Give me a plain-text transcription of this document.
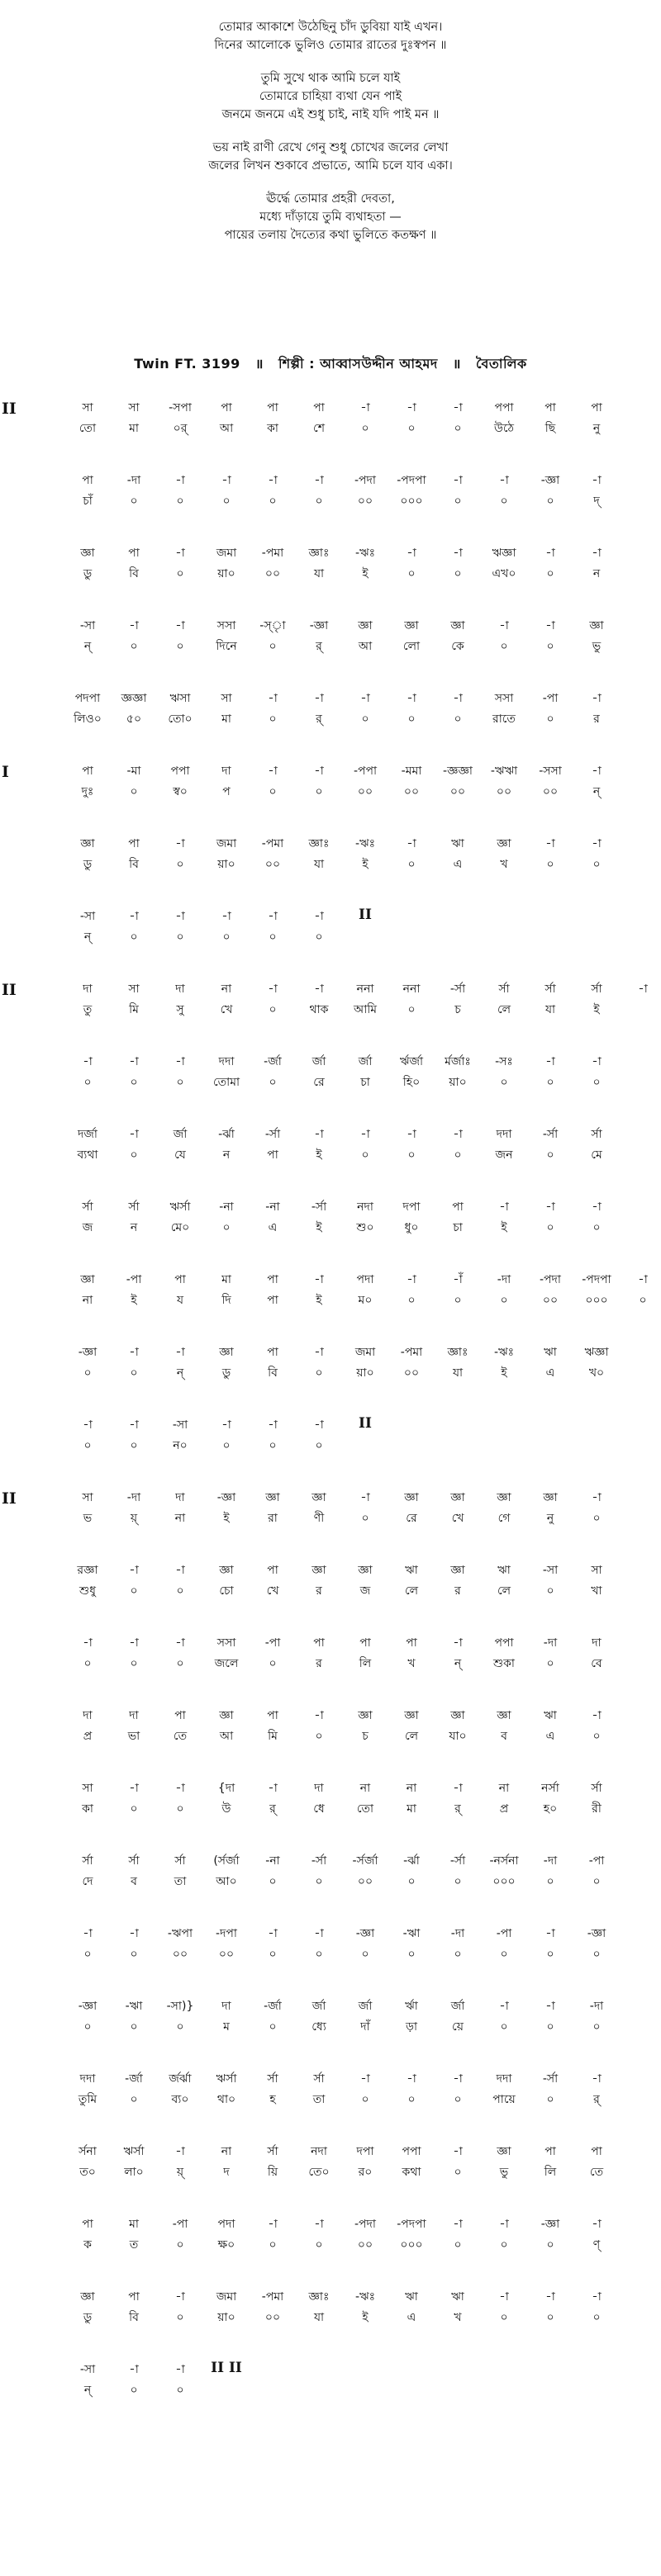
তোমার আকাশে উঠেছিনু চাঁদ ডুবিয়া যাই এখন।
দিনের আলোকে ভুলিও তোমার রাতের দুঃস্বপন ॥
তুমি সুখে থাক আমি চলে যাই
তোমারে চাহিয়া ব্যথা যেন পাই
জনমে জনমে এই শুধু চাই, নাই যদি পাই মন ॥
ভয় নাই রাণী রেখে গেনু শুধু চোখের জলের লেখা
জলের লিখন শুকাবে প্রভাতে, আমি চলে যাব একা।
ঊর্দ্ধে তোমার প্রহরী দেবতা,
মধ্যে দাঁড়ায়ে তুমি ব্যথাহতা —
পায়ের তলায় দৈত্যের কথা ভুলিতে কতক্ষণ ॥
Twin FT. 3199 ॥ শিল্পী : আব্বাসউদ্দীন আহমদ ॥ বৈতালিক
II	সা	সা	-সপা	পা	পা	পা	-া	-া	-া	পপা	পা	পা
তো	মা	০র্	আ	কা	শে	০	০	০	উঠে	ছি	নু
পা	-দা	-া	-া	-া	-া	-পদা	-পদপা	-া	-া	-জ্ঞা	-া
চাঁ	০	০	০	০	০	০০	০০০	০	০	০	দ্
জ্ঞা	পা	-া	জমা	-পমা	জ্ঞাঃ	-ঋঃ	-া	-া	ঋজ্ঞা	-া	-া
ডু	বি	০	য়া০	০০	যা	ই	০	০	এখ০	০	ন
-সা	-া	-া	সসা	-স্ৃা	-জ্ঞা	জ্ঞা	জ্ঞা	জ্ঞা	-া	-া	জ্ঞা
ন্	০	০	দিনে	০	র্	আ	লো	কে	০	০	ভু
পদপা	জ্ঞজ্ঞা	ঋসা	সা	-া	-া	-া	-া	-া	সসা	-পা	-া
লিও০	৫০	তো০	মা	০	র্	০	০	০	রাতে	০	র
I	পা	-মা	পপা	দা	-া	-া	-পপা	-মমা	-জ্ঞজ্ঞা	-ঋঋা	-সসা	-া
দুঃ	০	স্ব০	প	০	০	০০	০০	০০	০০	০০	ন্
জ্ঞা	পা	-া	জমা	-পমা	জ্ঞাঃ	-ঋঃ	-া	ঋা	জ্ঞা	-া	-া
ডু	বি	০	য়া০	০০	যা	ই	০	এ	খ	০	০
-সা	-া	-া	-া	-া	-া	II
ন্	০	০	০	০	০
II	দা	সা	দা	না	-া	-া	ননা	ননা	-র্সা	র্সা	র্সা	র্সা	-া
তু	মি	সু	খে	০	থাক	আমি	০	চ	লে	যা	ই
-া	-া	-া	দদা	-র্জা	র্জা	র্জা	র্ঋর্জা	র্মর্জাঃ	-সঃ	-া	-া
০	০	০	তোমা	০	রে	চা	হি০	য়া০	০	০	০
দর্জা	-া	র্জা	-র্ঝা	-র্সা	-া	-া	-া	-া	দদা	-র্সা	র্সা
ব্যথা	০	যে	ন	পা	ই	০	০	০	জন	০	মে
র্সা	র্সা	ঋর্সা	-না	-না	-র্সা	নদা	দপা	পা	-া	-া	-া
জ	ন	মে০	০	এ	ই	শু০	ধু০	চা	ই	০	০
জ্ঞা	-পা	পা	মা	পা	-া	পদা	-া	-াঁ	-দা	-পদা	-পদপা	-া
না	ই	য	দি	পা	ই	ম০	০	০	০	০০	০০০	০
-জ্ঞা	-া	-া	জ্ঞা	পা	-া	জমা	-পমা	জ্ঞাঃ	-ঋঃ	ঋা	ঋজ্ঞা
০	০	ন্	ডু	বি	০	য়া০	০০	যা	ই	এ	খ০
-া	-া	-সা	-া	-া	-া	II
০	০	ন০	০	০	০
II	সা	-দা	দা	-জ্ঞা	জ্ঞা	জ্ঞা	-া	জ্ঞা	জ্ঞা	জ্ঞা	জ্ঞা	-া
ভ	য়্	না	ই	রা	ণী	০	রে	খে	গে	নু	০
রজ্ঞা	-া	-া	জ্ঞা	পা	জ্ঞা	জ্ঞা	ঋা	জ্ঞা	ঋা	-সা	সা
শুধু	০	০	চো	খে	র	জ	লে	র	লে	০	খা
-া	-া	-া	সসা	-পা	পা	পা	পা	-া	পপা	-দা	দা
০	০	০	জলে	০	র	লি	খ	ন্	শুকা	০	বে
দা	দা	পা	জ্ঞা	পা	-া	জ্ঞা	জ্ঞা	জ্ঞা	জ্ঞা	ঋা	-া
প্র	ভা	তে	আ	মি	০	চ	লে	যা০	ব	এ	০
সা	-া	-া	{দা	-া	দা	না	না	-া	না	নর্সা	র্সা
কা	০	০	উ	র্	ধে	তো	মা	র্	প্র	হ০	রী
র্সা	র্সা	র্সা	(র্সর্জা	-না	-র্সা	-র্সর্জা	-র্ঝা	-র্সা	-নর্সনা	-দা	-পা
দে	ব	তা	আ০	০	০	০০	০	০	০০০	০	০
-া	-া	-ঋপা	-দপা	-া	-া	-জ্ঞা	-ঋা	-দা	-পা	-া	-জ্ঞা
০	০	০০	০০	০	০	০	০	০	০	০	০
-জ্ঞা	-ঋা	-সা)}	দা	-র্জা	র্জা	র্জা	র্ঋা	র্জা	-া	-া	-দা
০	০	০	ম	০	ধ্যে	দাঁ	ড়া	য়ে	০	০	০
দদা	-র্জা	র্জর্ঝা	ঋর্সা	র্সা	র্সা	-া	-া	-া	দদা	-র্সা	-া
তুমি	০	ব্য০	থা০	হ	তা	০	০	০	পায়ে	০	র্
র্সনা	ঋর্সা	-া	না	র্সা	নদা	দপা	পপা	-া	জ্ঞা	পা	পা
ত০	লা০	য়্	দ	য়ি	তে০	র০	কথা	০	ভু	লি	তে
পা	মা	-পা	পদা	-া	-া	-পদা	-পদপা	-া	-া	-জ্ঞা	-া
ক	ত	০	ক্ষ০	০	০	০০	০০০	০	০	০	ণ্
জ্ঞা	পা	-া	জমা	-পমা	জ্ঞাঃ	-ঋঃ	ঋা	ঋা	-া	-া	-া
ডু	বি	০	য়া০	০০	যা	ই	এ	খ	০	০	০
-সা	-া	-া	II II
ন্	০	০
